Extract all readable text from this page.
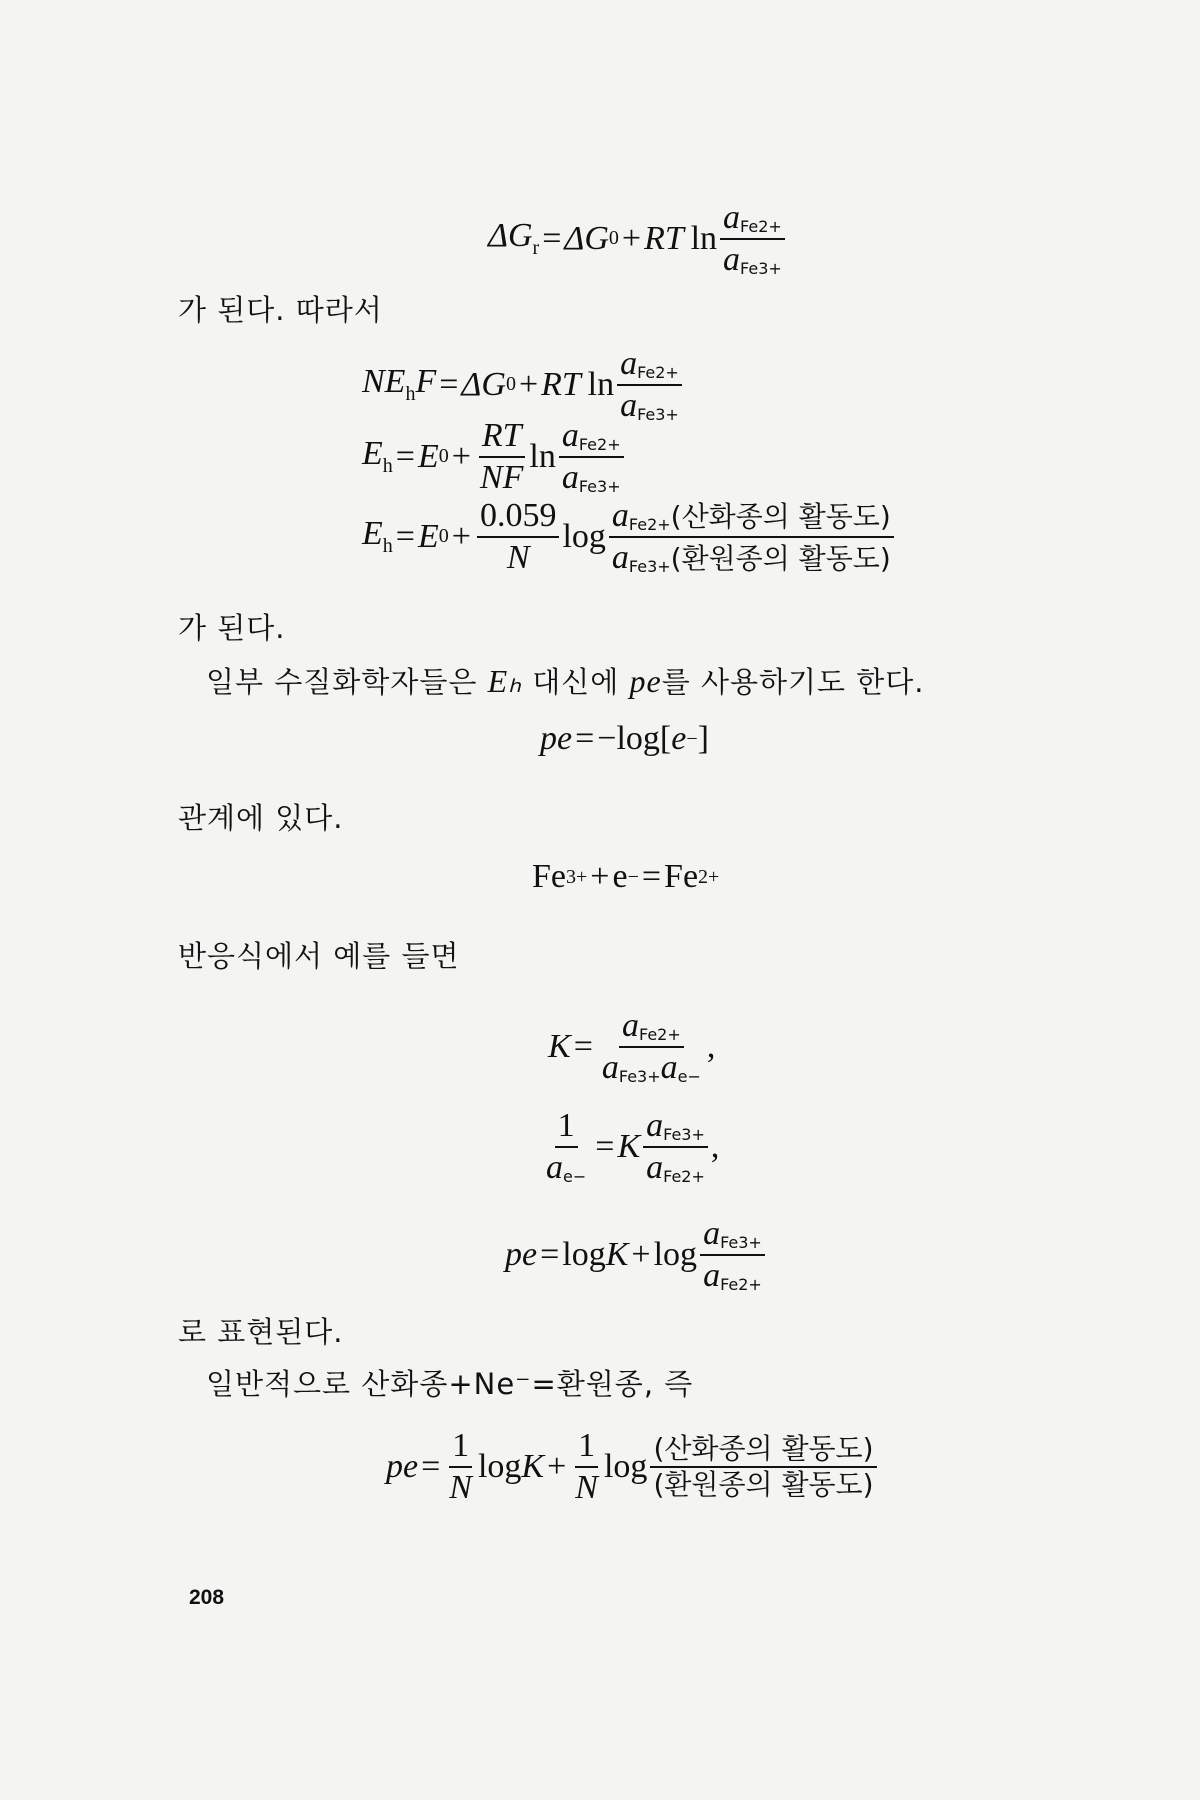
$\Delta G_r = \Delta G$ 0 + RT  $\ln \frac{a_{Fe2+}}{a_{Fe3+}}$
가 된다. 따라서
$NE_hF = \Delta G$ 0 + RT  $\ln \frac{a_{Fe2+}}{a_{Fe3+}}$
$E_h = E$ $0 + \frac{RT}{NF}$ $\ln \frac{a_{Fe2+}}{a_{Fe3+}}$
$E_h = E$ $0 + \frac{0.059}{N}$ $\log \frac{a_{Fe2+}(산화종의 활동도)}{a_{Fe3+}(환원종의 활동도)}$
가 된다.
일부 수질화학자들은 Eₕ 대신에 pe를 사용하기도 한다.
pe = −log[ e − ]
관계에 있다.
Fe 3+ + e − = Fe 2+
반응식에서 예를 들면
$K = \frac{a_{Fe2+}}{a_{Fe3+}a_{e-}}$ ,
$\frac{1}{a_{e-}} = K \frac{a_{Fe3+}}{a_{Fe2+}}$ ,
pe = $\log K + \log \frac{a_{Fe3+}}{a_{Fe2+}}$
로 표현된다.
일반적으로 산화종+Ne⁻=환원종, 즉
pe = $\frac{1}{N}$ $\log K + \frac{1}{N}$ $\log \frac{\text{(산화종의 활동도)}}{\text{(환원종의 활동도)}}$
208
